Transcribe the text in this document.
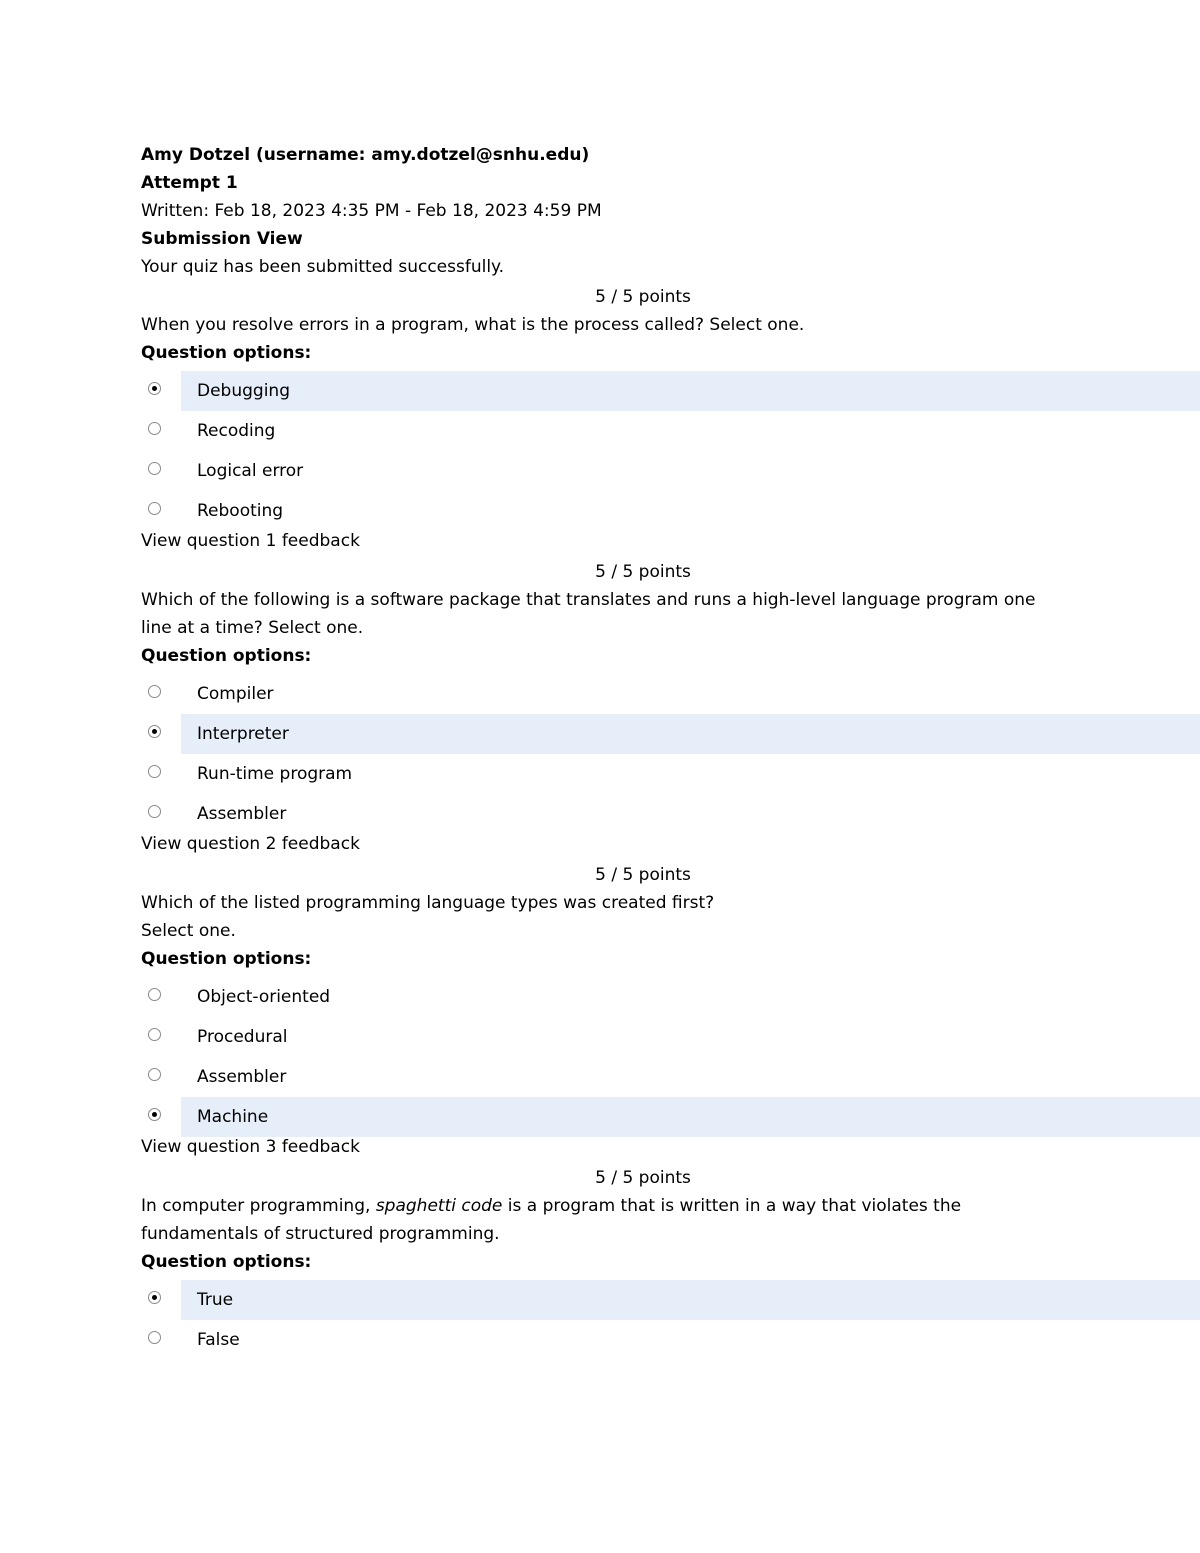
Amy Dotzel (username: amy.dotzel@snhu.edu)
Attempt 1
Written: Feb 18, 2023 4:35 PM - Feb 18, 2023 4:59 PM
Submission View
Your quiz has been submitted successfully.
5 / 5 points
When you resolve errors in a program, what is the process called? Select one.
Question options:
Debugging
Recoding
Logical error
Rebooting
View question 1 feedback
5 / 5 points
Which of the following is a software package that translates and runs a high-level language program one
line at a time? Select one.
Question options:
Compiler
Interpreter
Run-time program
Assembler
View question 2 feedback
5 / 5 points
Which of the listed programming language types was created first?
Select one.
Question options:
Object-oriented
Procedural
Assembler
Machine
View question 3 feedback
5 / 5 points
In computer programming, spaghetti code is a program that is written in a way that violates the
fundamentals of structured programming.
Question options:
True
False
